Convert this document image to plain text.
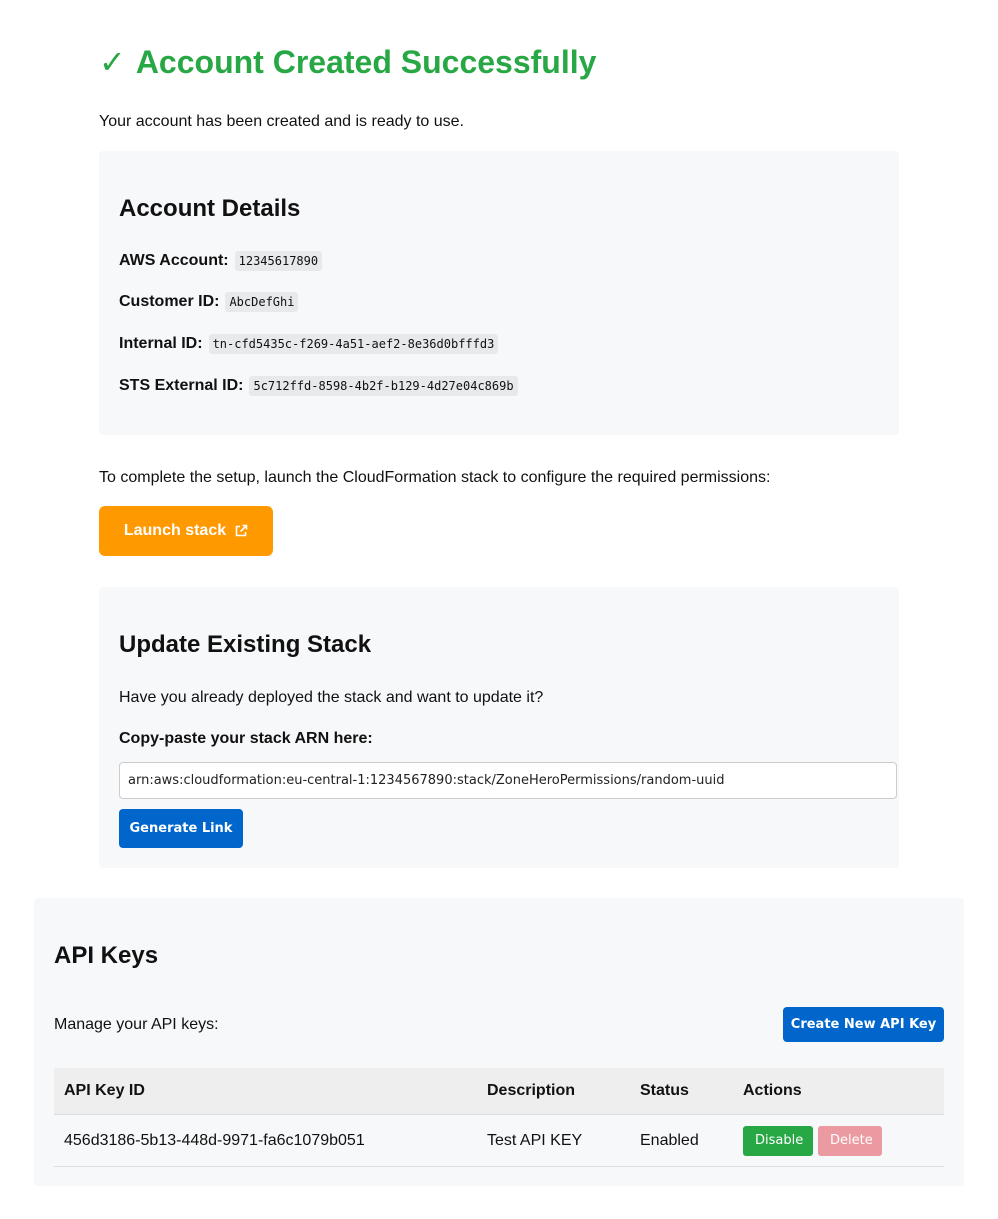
✓ Account Created Successfully

Your account has been created and is ready to use.

Account Details
AWS Account: 12345617890
Customer ID: AbcDefGhi
Internal ID: tn-cfd5435c-f269-4a51-aef2-8e36d0bfffd3
STS External ID: 5c712ffd-8598-4b2f-b129-4d27e04c869b

To complete the setup, launch the CloudFormation stack to configure the required permissions:

Launch stack
Update Existing Stack
Have you already deployed the stack and want to update it?
Copy-paste your stack ARN here:
arn:aws:cloudformation:eu-central-1:1234567890:stack/ZoneHeroPermissions/random-uuid
Generate Link
API Keys
Manage your API keys:	Create New API Key
API Key ID	Description	Status	Actions
456d3186-5b13-448d-9971-fa6c1079b051	Test API KEY	Enabled	Disable Delete
